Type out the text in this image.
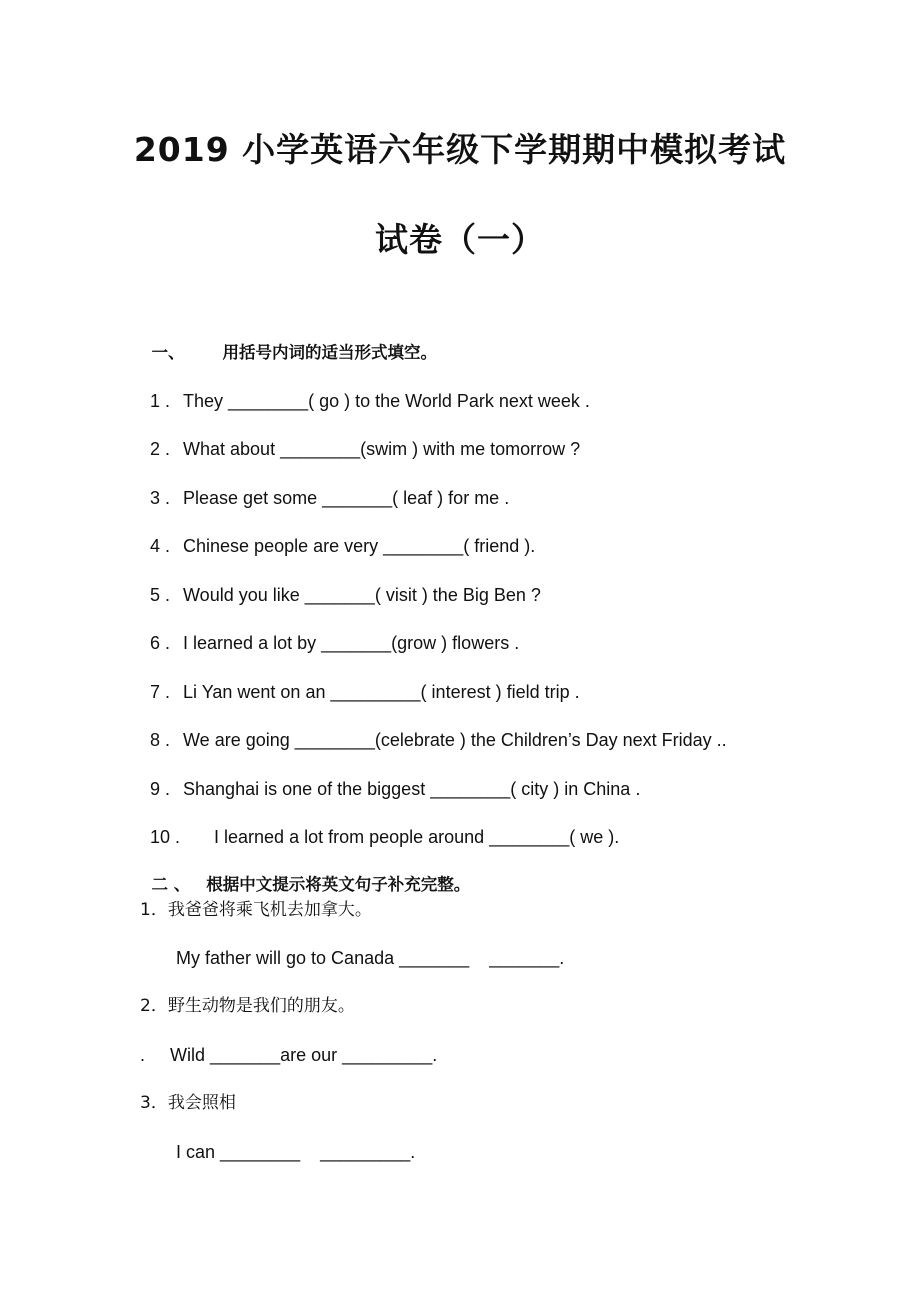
2019 小学英语六年级下学期期中模拟考试
试卷（一）

一、 用括号内词的适当形式填空。

1 . They ________( go ) to the World Park next week .

2 . What about ________(swim ) with me tomorrow ?

3 . Please get some _______( leaf ) for me .

4 . Chinese people are very ________( friend ).

5 . Would you like _______( visit ) the Big Ben ?

6 . I learned a lot by _______(grow ) flowers .

7 . Li Yan went on an _________( interest ) field trip .

8 . We are going ________(celebrate ) the Children’s Day next Friday ..

9 . Shanghai is one of the biggest ________( city ) in China .

10 . I learned a lot from people around ________( we ).

二 、 根据中文提示将英文句子补充完整。

1．我爸爸将乘飞机去加拿大。
My father will go to Canada _______    _______.
2．野生动物是我们的朋友。
.     Wild _______are our _________.
3．我会照相
I can ________    _________.
